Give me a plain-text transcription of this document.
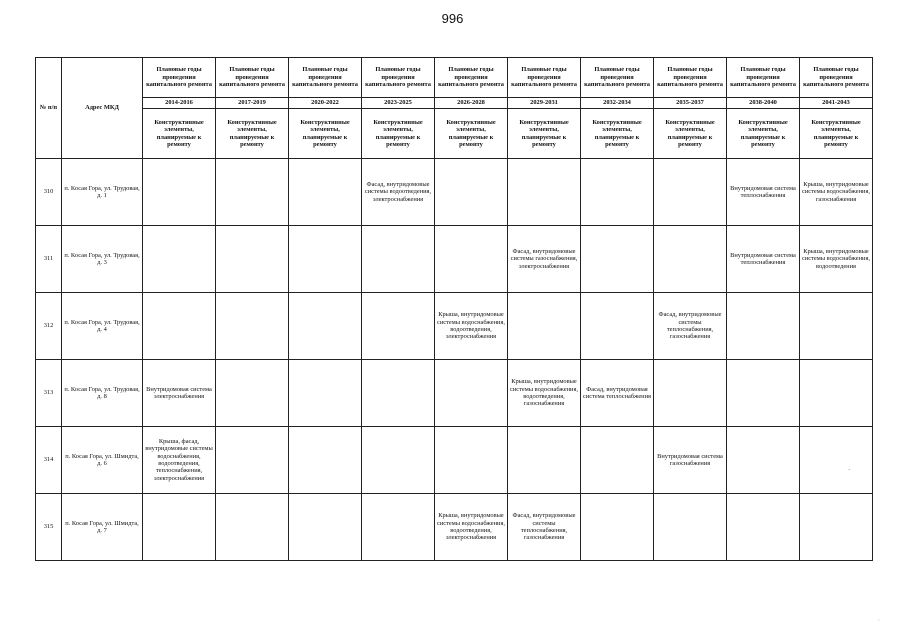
996
№ п/п	Адрес МКД	Плановые годы проведения капитального ремонта	Плановые годы проведения капитального ремонта	Плановые годы проведения капитального ремонта	Плановые годы проведения капитального ремонта	Плановые годы проведения капитального ремонта	Плановые годы проведения капитального ремонта	Плановые годы проведения капитального ремонта	Плановые годы проведения капитального ремонта	Плановые годы проведения капитального ремонта	Плановые годы проведения капитального ремонта
		2014-2016	2017-2019	2020-2022	2023-2025	2026-2028	2029-2031	2032-2034	2035-2037	2038-2040	2041-2043
		Конструктивные элементы, планируемые к ремонту	Конструктивные элементы, планируемые к ремонту	Конструктивные элементы, планируемые к ремонту	Конструктивные элементы, планируемые к ремонту	Конструктивные элементы, планируемые к ремонту	Конструктивные элементы, планируемые к ремонту	Конструктивные элементы, планируемые к ремонту	Конструктивные элементы, планируемые к ремонту	Конструктивные элементы, планируемые к ремонту	Конструктивные элементы, планируемые к ремонту
310	п. Косая Гора, ул. Трудовая, д. 1				Фасад, внутридомовые системы водоотведения, электроснабжения					Внутридомовая система теплоснабжения	Крыша, внутридомовые системы водоснабжения, газоснабжения
311	п. Косая Гора, ул. Трудовая, д. 3						Фасад, внутридомовые системы газоснабжения, электроснабжения			Внутридомовая система теплоснабжения	Крыша, внутридомовые системы водоснабжения, водоотведения
312	п. Косая Гора, ул. Трудовая, д. 4					Крыша, внутридомовые системы водоснабжения, водоотведения, электроснабжения			Фасад, внутридомовые системы теплоснабжения, газоснабжения		
313	п. Косая Гора, ул. Трудовая, д. 8	Внутридомовая система электроснабжения					Крыша, внутридомовые системы водоснабжения, водоотведения, газоснабжения	Фасад, внутридомовая система теплоснабжения			
314	п. Косая Гора, ул. Шмидта, д. 6	Крыша, фасад, внутридомовые системы водоснабжения, водоотведения, теплоснабжения, электроснабжения							Внутридомовая система газоснабжения		
315	п. Косая Гора, ул. Шмидта, д. 7					Крыша, внутридомовые системы водоснабжения, водоотведения, электроснабжения	Фасад, внутридомовые системы теплоснабжения, газоснабжения				
·
·
